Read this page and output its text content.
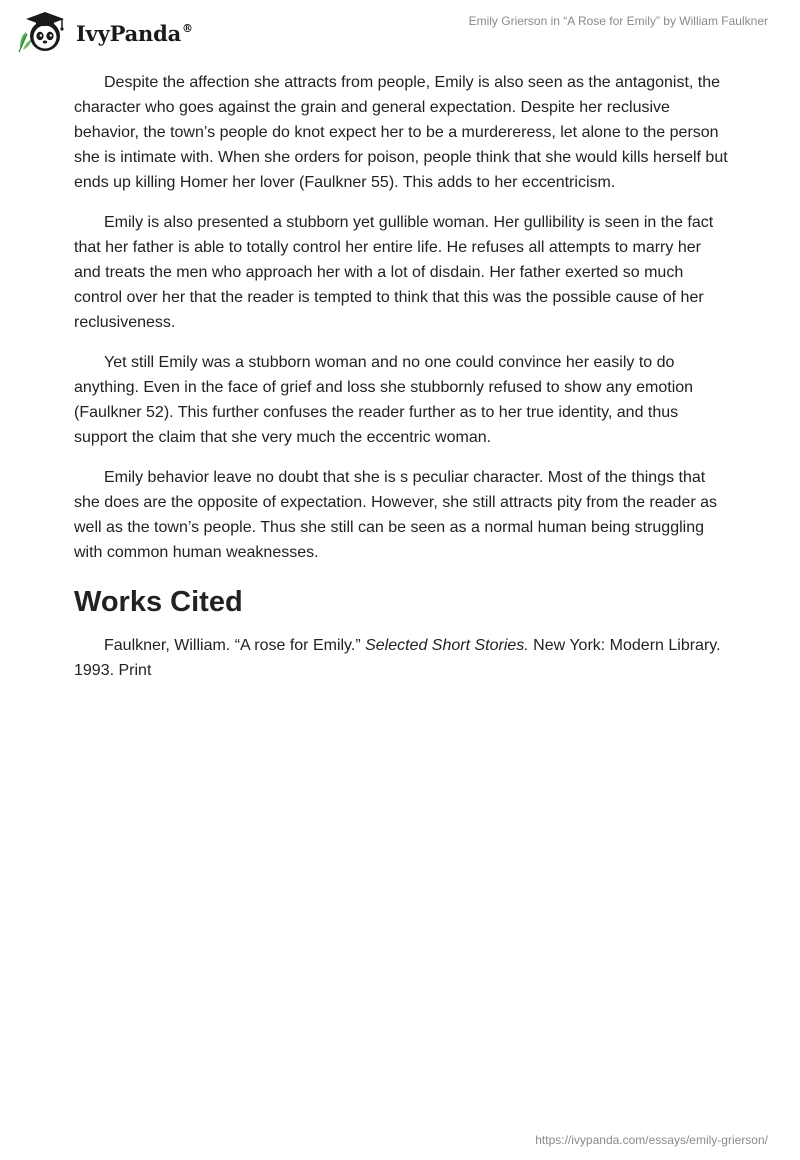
IvyPanda®	Emily Grierson in “A Rose for Emily” by William Faulkner

Despite the affection she attracts from people, Emily is also seen as the antagonist, the character who goes against the grain and general expectation. Despite her reclusive behavior, the town’s people do knot expect her to be a murdereress, let alone to the person she is intimate with. When she orders for poison, people think that she would kills herself but ends up killing Homer her lover (Faulkner 55). This adds to her eccentricism.

Emily is also presented a stubborn yet gullible woman. Her gullibility is seen in the fact that her father is able to totally control her entire life. He refuses all attempts to marry her and treats the men who approach her with a lot of disdain. Her father exerted so much control over her that the reader is tempted to think that this was the possible cause of her reclusiveness.

Yet still Emily was a stubborn woman and no one could convince her easily to do anything. Even in the face of grief and loss she stubbornly refused to show any emotion (Faulkner 52). This further confuses the reader further as to her true identity, and thus support the claim that she very much the eccentric woman.

Emily behavior leave no doubt that she is s peculiar character. Most of the things that she does are the opposite of expectation. However, she still attracts pity from the reader as well as the town’s people. Thus she still can be seen as a normal human being struggling with common human weaknesses.

Works Cited

Faulkner, William. “A rose for Emily.” Selected Short Stories. New York: Modern Library. 1993. Print

https://ivypanda.com/essays/emily-grierson/
